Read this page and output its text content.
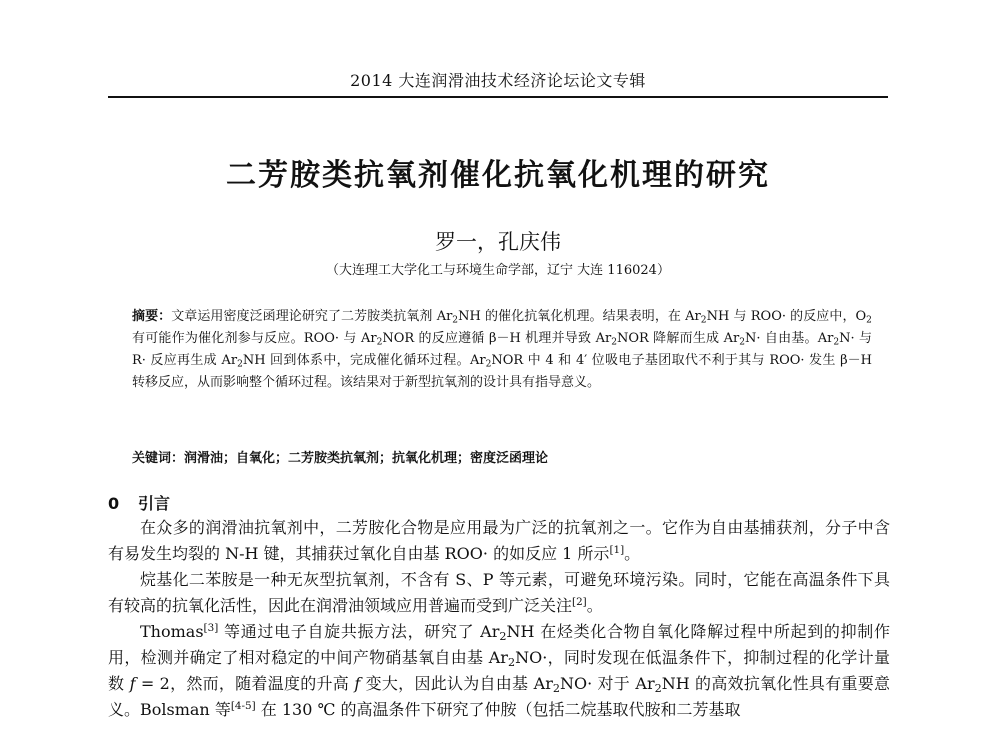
2014 大连润滑油技术经济论坛论文专辑
二芳胺类抗氧剂催化抗氧化机理的研究
罗一，孔庆伟
（大连理工大学化工与环境生命学部，辽宁 大连 116024）
摘要：文章运用密度泛函理论研究了二芳胺类抗氧剂 $Ar_2NH$ 的催化抗氧化机理。结果表明，在 $Ar_2NH$ 与 ROO· 的反应中，$O_2$ 有可能作为催化剂参与反应。ROO· 与 $Ar_2NOR$ 的反应遵循 β－H 机理并导致 $Ar_2NOR$ 降解而生成 $Ar_2N\cdot$ 自由基。$Ar_2N\cdot$ 与 R· 反应再生成 $Ar_2NH$ 回到体系中，完成催化循环过程。$Ar_2NOR$ 中 4 和 4′ 位吸电子基团取代不利于其与 ROO· 发生 β－H 转移反应，从而影响整个循环过程。该结果对于新型抗氧剂的设计具有指导意义。
关键词：润滑油；自氧化；二芳胺类抗氧剂；抗氧化机理；密度泛函理论
0 引言

在众多的润滑油抗氧剂中，二芳胺化合物是应用最为广泛的抗氧剂之一。它作为自由基捕获剂，分子中含有易发生均裂的 N-H 键，其捕获过氧化自由基 ROO· 的如反应 1 所示[1]。

烷基化二苯胺是一种无灰型抗氧剂，不含有 S、P 等元素，可避免环境污染。同时，它能在高温条件下具有较高的抗氧化活性，因此在润滑油领域应用普遍而受到广泛关注[2]。

Thomas[3] 等通过电子自旋共振方法，研究了 $Ar_2NH$ 在烃类化合物自氧化降解过程中所起到的抑制作用，检测并确定了相对稳定的中间产物硝基氧自由基 $Ar_2NO\cdot$，同时发现在低温条件下，抑制过程的化学计量数 f = 2，然而，随着温度的升高 f 变大，因此认为自由基 $Ar_2NO\cdot$ 对于 $Ar_2NH$ 的高效抗氧化性具有重要意义。Bolsman 等[4-5] 在 130 ℃ 的高温条件下研究了仲胺（包括二烷基取代胺和二芳基取
